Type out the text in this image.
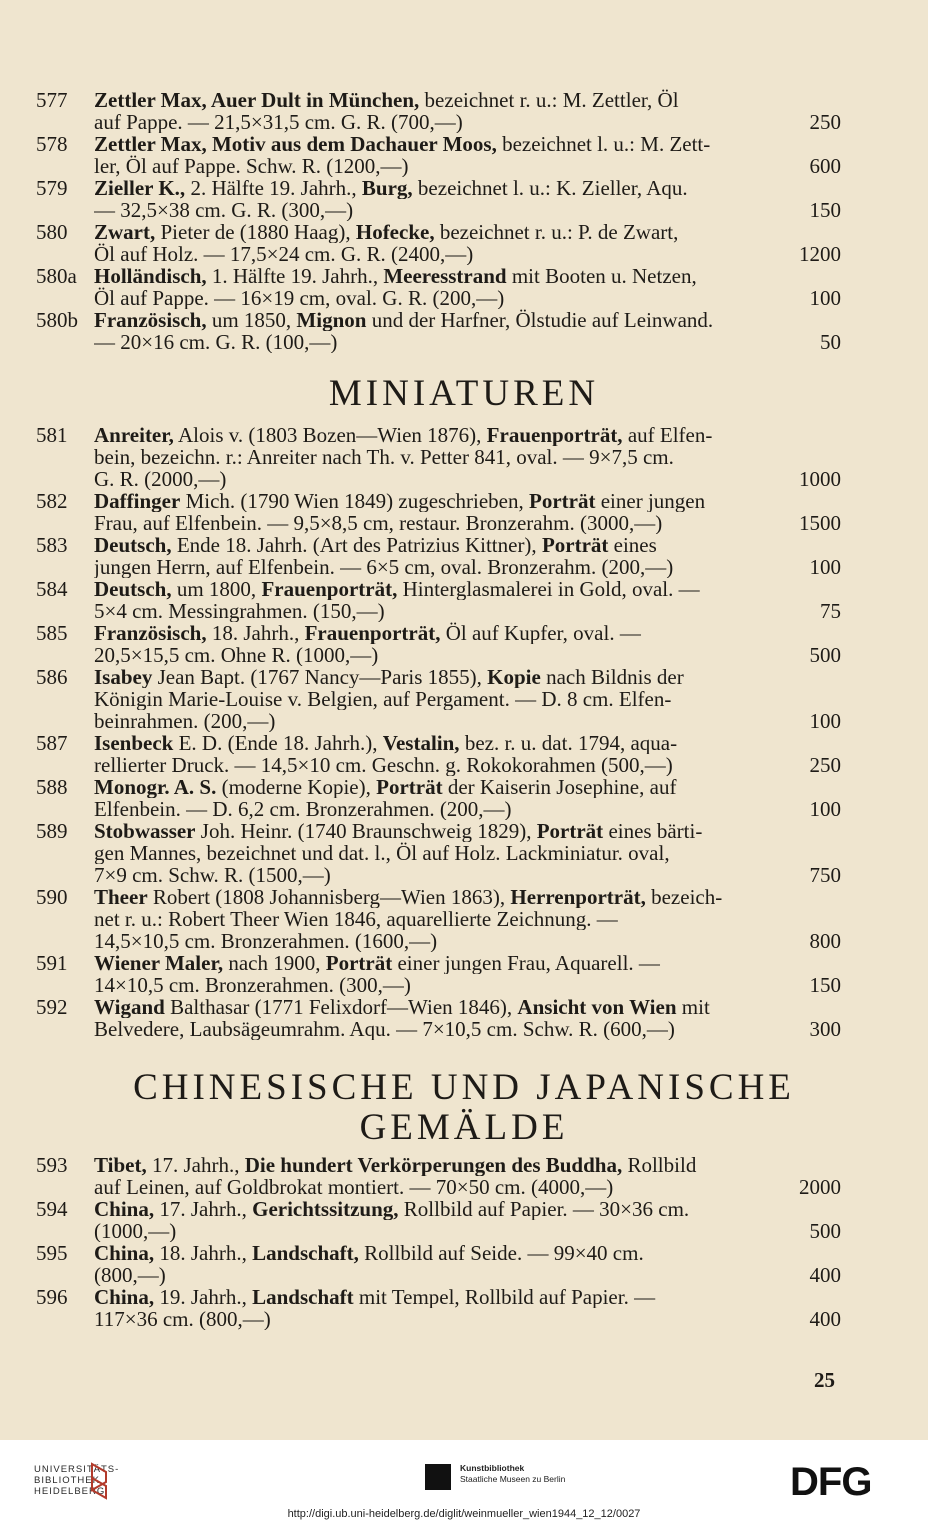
577	Zettler Max, Auer Dult in München, bezeichnet r. u.: M. Zettler, Öl
auf Pappe. — 21,5×31,5 cm. G. R. (700,—)	250
578	Zettler Max, Motiv aus dem Dachauer Moos, bezeichnet l. u.: M. Zett-
ler, Öl auf Pappe. Schw. R. (1200,—)	600
579	Zieller K., 2. Hälfte 19. Jahrh., Burg, bezeichnet l. u.: K. Zieller, Aqu.
— 32,5×38 cm. G. R. (300,—)	150
580	Zwart, Pieter de (1880 Haag), Hofecke, bezeichnet r. u.: P. de Zwart,
Öl auf Holz. — 17,5×24 cm. G. R. (2400,—)	1200
580a Holländisch, 1. Hälfte 19. Jahrh., Meeresstrand mit Booten u. Netzen,
Öl auf Pappe. — 16×19 cm, oval. G. R. (200,—)	100
580b Französisch, um 1850, Mignon und der Harfner, Ölstudie auf Leinwand.
— 20×16 cm. G. R. (100,—)	50
MINIATUREN
581	Anreiter, Alois v. (1803 Bozen—Wien 1876), Frauenporträt, auf Elfen-
bein, bezeichn. r.: Anreiter nach Th. v. Petter 841, oval. — 9×7,5 cm.
G. R. (2000,—)	1000
582	Daffinger Mich. (1790 Wien 1849) zugeschrieben, Porträt einer jungen
Frau, auf Elfenbein. — 9,5×8,5 cm, restaur. Bronzerahm. (3000,—)	1500
583	Deutsch, Ende 18. Jahrh. (Art des Patrizius Kittner), Porträt eines
jungen Herrn, auf Elfenbein. — 6×5 cm, oval. Bronzerahm. (200,—)	100
584	Deutsch, um 1800, Frauenporträt, Hinterglasmalerei in Gold, oval. —
5×4 cm. Messingrahmen. (150,—)	75
585	Französisch, 18. Jahrh., Frauenporträt, Öl auf Kupfer, oval. —
20,5×15,5 cm. Ohne R. (1000,—)	500
586	Isabey Jean Bapt. (1767 Nancy—Paris 1855), Kopie nach Bildnis der
Königin Marie-Louise v. Belgien, auf Pergament. — D. 8 cm. Elfen-
beinrahmen. (200,—)	100
587	Isenbeck E. D. (Ende 18. Jahrh.), Vestalin, bez. r. u. dat. 1794, aqua-
rellierter Druck. — 14,5×10 cm. Geschn. g. Rokokorahmen (500,—)	250
588	Monogr. A. S. (moderne Kopie), Porträt der Kaiserin Josephine, auf
Elfenbein. — D. 6,2 cm. Bronzerahmen. (200,—)	100
589	Stobwasser Joh. Heinr. (1740 Braunschweig 1829), Porträt eines bärti-
gen Mannes, bezeichnet und dat. l., Öl auf Holz. Lackminiatur. oval,
7×9 cm. Schw. R. (1500,—)	750
590	Theer Robert (1808 Johannisberg—Wien 1863), Herrenporträt, bezeich-
net r. u.: Robert Theer Wien 1846, aquarellierte Zeichnung. —
14,5×10,5 cm. Bronzerahmen. (1600,—)	800
591	Wiener Maler, nach 1900, Porträt einer jungen Frau, Aquarell. —
14×10,5 cm. Bronzerahmen. (300,—)	150
592	Wigand Balthasar (1771 Felixdorf—Wien 1846), Ansicht von Wien mit
Belvedere, Laubsägeumrahm. Aqu. — 7×10,5 cm. Schw. R. (600,—)	300
CHINESISCHE UND JAPANISCHE
GEMÄLDE
593	Tibet, 17. Jahrh., Die hundert Verkörperungen des Buddha, Rollbild
auf Leinen, auf Goldbrokat montiert. — 70×50 cm. (4000,—)	2000
594	China, 17. Jahrh., Gerichtssitzung, Rollbild auf Papier. — 30×36 cm.
(1000,—)	500
595	China, 18. Jahrh., Landschaft, Rollbild auf Seide. — 99×40 cm.
(800,—)	400
596	China, 19. Jahrh., Landschaft mit Tempel, Rollbild auf Papier. —
117×36 cm. (800,—)	400
25
UNIVERSITÄTS-
BIBLIOTHEK
HEIDELBERG
Kunstbibliothek
Staatliche Museen zu Berlin	DFG
http://digi.ub.uni-heidelberg.de/diglit/weinmueller_wien1944_12_12/0027
